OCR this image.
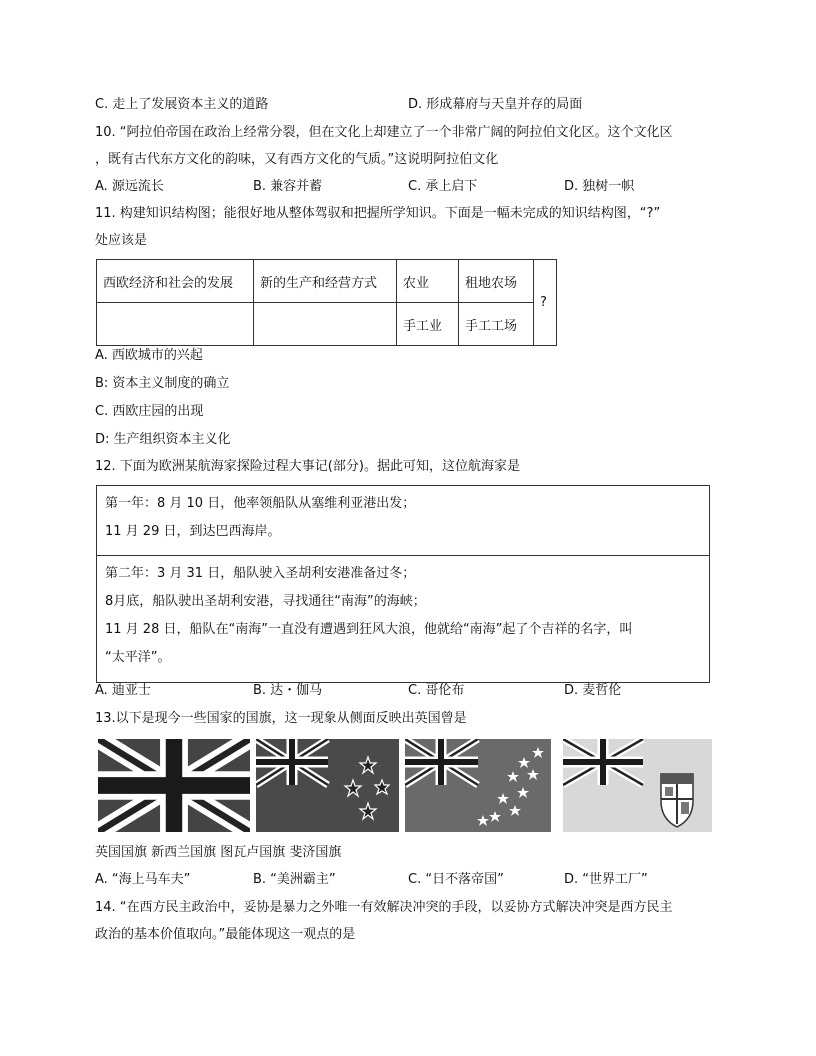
C. 走上了发展资本主义的道路	D. 形成幕府与天皇并存的局面
10. “阿拉伯帝国在政治上经常分裂，但在文化上却建立了一个非常广阔的阿拉伯文化区。这个文化区
，既有古代东方文化的韵味，又有西方文化的气质。”这说明阿拉伯文化
A. 源远流长	B. 兼容并蓄	C. 承上启下	D. 独树一帜
11. 构建知识结构图；能很好地从整体驾驭和把握所学知识。下面是一幅未完成的知识结构图，“?”
处应该是
西欧经济和社会的发展	新的生产和经营方式	农业	租地农场	?
		手工业	手工工场	
A. 西欧城市的兴起
B: 资本主义制度的确立
C. 西欧庄园的出现
D: 生产组织资本主义化
12. 下面为欧洲某航海家探险过程大事记(部分)。据此可知，这位航海家是
第一年：8 月 10 日，他率领船队从塞维利亚港出发；
11 月 29 日，到达巴西海岸。
第二年：3 月 31 日，船队驶入圣胡利安港准备过冬；
8月底，船队驶出圣胡利安港，寻找通往“南海”的海峡；
11 月 28 日，船队在“南海”一直没有遭遇到狂风大浪，他就给“南海”起了个吉祥的名字，叫
“太平洋”。
A. 迪亚士	B. 达・伽马	C. 哥伦布	D. 麦哲伦
13.以下是现今一些国家的国旗，这一现象从侧面反映出英国曾是
英国国旗 新西兰国旗 图瓦卢国旗 斐济国旗
A. “海上马车夫”	B. “美洲霸主”	C. “日不落帝国”	D. “世界工厂”
14. “在西方民主政治中，妥协是暴力之外唯一有效解决冲突的手段，以妥协方式解决冲突是西方民主
政治的基本价值取向。”最能体现这一观点的是
